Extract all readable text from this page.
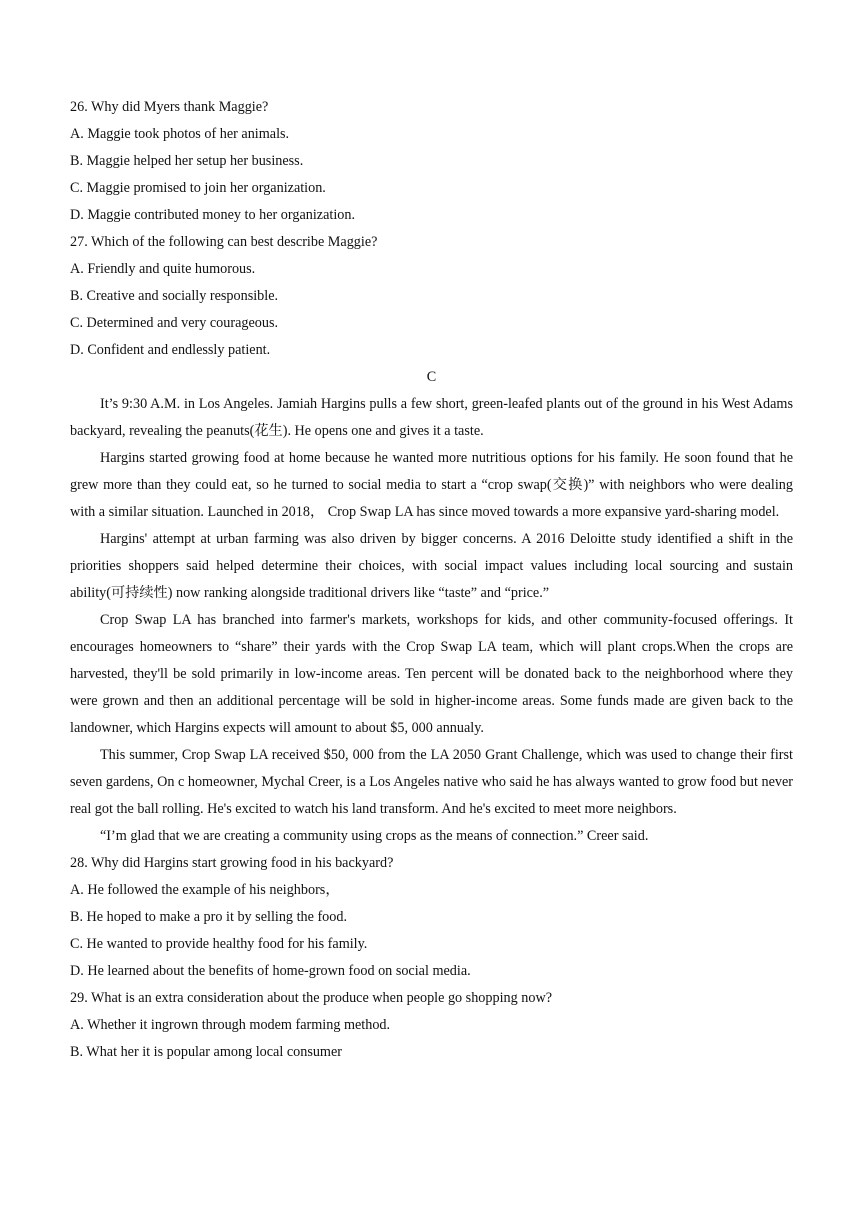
26. Why did Myers thank Maggie?

A. Maggie took photos of her animals.

B. Maggie helped her setup her business.

C. Maggie promised to join her organization.

D. Maggie contributed money to her organization.

27. Which of the following can best describe Maggie?

A. Friendly and quite humorous.

B. Creative and socially responsible.

C. Determined and very courageous.

D. Confident and endlessly patient.

C

It’s 9:30 A.M. in Los Angeles. Jamiah Hargins pulls a few short, green-leafed plants out of the ground in his West Adams backyard, revealing the peanuts(花生). He opens one and gives it a taste.

Hargins started growing food at home because he wanted more nutritious options for his family. He soon found that he grew more than they could eat, so he turned to social media to start a “crop swap(交换)” with neighbors who were dealing with a similar situation. Launched in 2018， Crop Swap LA has since moved towards a more expansive yard-sharing model.

Hargins' attempt at urban farming was also driven by bigger concerns. A 2016 Deloitte study identified a shift in the priorities shoppers said helped determine their choices, with social impact values including local sourcing and sustain ability(可持续性) now ranking alongside traditional drivers like “taste” and “price.”

Crop Swap LA has branched into farmer's markets, workshops for kids, and other community-focused offerings. It encourages homeowners to “share” their yards with the Crop Swap LA team, which will plant crops.When the crops are harvested, they'll be sold primarily in low-income areas. Ten percent will be donated back to the neighborhood where they were grown and then an additional percentage will be sold in higher-income areas. Some funds made are given back to the landowner, which Hargins expects will amount to about $5, 000 annualy.

This summer, Crop Swap LA received $50, 000 from the LA 2050 Grant Challenge, which was used to change their first seven gardens, On c homeowner, Mychal Creer, is a Los Angeles native who said he has always wanted to grow food but never real got the ball rolling. He's excited to watch his land transform. And he's excited to meet more neighbors.

“I’m glad that we are creating a community using crops as the means of connection.” Creer said.

28. Why did Hargins start growing food in his backyard?

A. He followed the example of his neighbors，

B. He hoped to make a pro it by selling the food.

C. He wanted to provide healthy food for his family.

D. He learned about the benefits of home-grown food on social media.

29. What is an extra consideration about the produce when people go shopping now?

A. Whether it ingrown through modem farming method.

B. What her it is popular among local consumer
